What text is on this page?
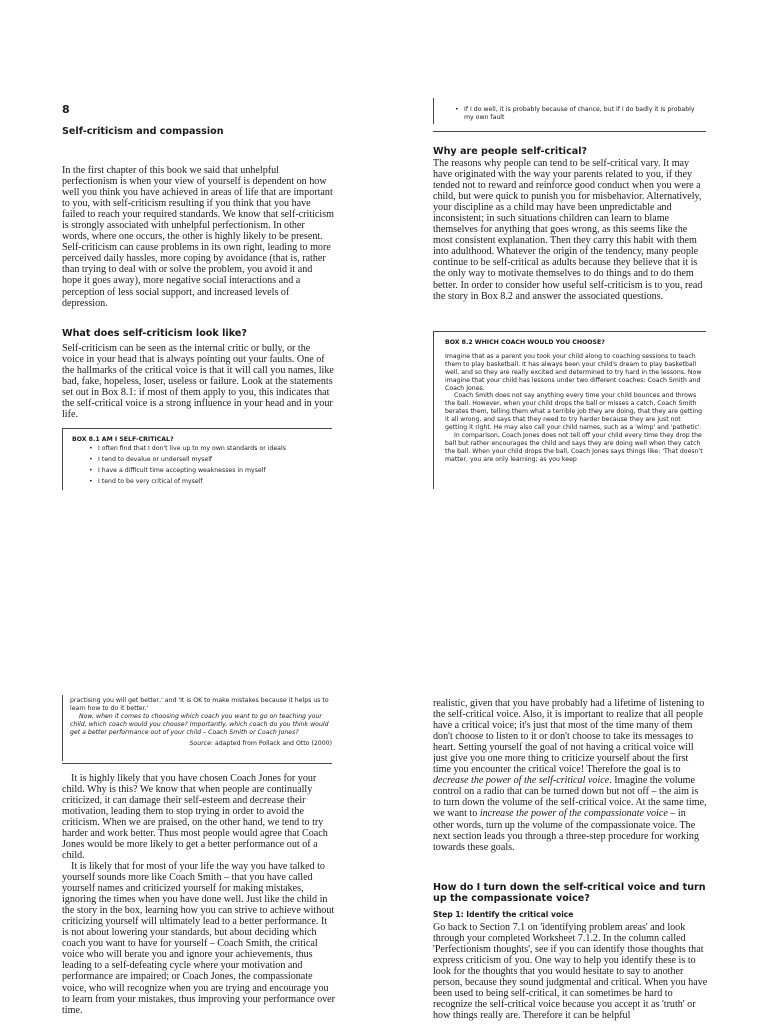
8
Self-criticism and compassion

In the first chapter of this book we said that unhelpful perfectionism is when your view of yourself is dependent on how well you think you have achieved in areas of life that are important to you, with self-criticism resulting if you think that you have failed to reach your required standards. We know that self-criticism is strongly associated with unhelpful perfectionism. In other words, where one occurs, the other is highly likely to be present. Self-criticism can cause problems in its own right, leading to more perceived daily hassles, more coping by avoidance (that is, rather than trying to deal with or solve the problem, you avoid it and hope it goes away), more negative social interactions and a perception of less social support, and increased levels of depression.

What does self-criticism look like?

Self-criticism can be seen as the internal critic or bully, or the voice in your head that is always pointing out your faults. One of the hallmarks of the critical voice is that it will call you names, like bad, fake, hopeless, loser, useless or failure. Look at the statements set out in Box 8.1: if most of them apply to you, this indicates that the self-critical voice is a strong influence in your head and in your life.

BOX 8.1 AM I SELF-CRITICAL?
• I often find that I don't live up to my own standards or ideals
• I tend to devalue or undersell myself
• I have a difficult time accepting weaknesses in myself
• I tend to be very critical of myself
• If I do well, it is probably because of chance, but if I do badly it is probably my own fault
Why are people self-critical?

The reasons why people can tend to be self-critical vary. It may have originated with the way your parents related to you, if they tended not to reward and reinforce good conduct when you were a child, but were quick to punish you for misbehavior. Alternatively, your discipline as a child may have been unpredictable and inconsistent; in such situations children can learn to blame themselves for anything that goes wrong, as this seems like the most consistent explanation. Then they carry this habit with them into adulthood. Whatever the origin of the tendency, many people continue to be self-critical as adults because they believe that it is the only way to motivate themselves to do things and to do them better. In order to consider how useful self-criticism is to you, read the story in Box 8.2 and answer the associated questions.

BOX 8.2 WHICH COACH WOULD YOU CHOOSE?

Imagine that as a parent you took your child along to coaching sessions to teach them to play basketball. It has always been your child's dream to play basketball well, and so they are really excited and determined to try hard in the lessons. Now imagine that your child has lessons under two different coaches: Coach Smith and Coach Jones.

Coach Smith does not say anything every time your child bounces and throws the ball. However, when your child drops the ball or misses a catch, Coach Smith berates them, telling them what a terrible job they are doing, that they are getting it all wrong, and says that they need to try harder because they are just not getting it right. He may also call your child names, such as a 'wimp' and 'pathetic'.

In comparison, Coach Jones does not tell off your child every time they drop the ball but rather encourages the child and says they are doing well when they catch the ball. When your child drops the ball, Coach Jones says things like: 'That doesn't matter, you are only learning; as you keep

practising you will get better,' and 'It is OK to make mistakes because it helps us to learn how to do it better.'

Now, when it comes to choosing which coach you want to go on teaching your child, which coach would you choose? Importantly, which coach do you think would get a better performance out of your child – Coach Smith or Coach Jones?

Source: adapted from Pollack and Otto (2000)

It is highly likely that you have chosen Coach Jones for your child. Why is this? We know that when people are continually criticized, it can damage their self-esteem and decrease their motivation, leading them to stop trying in order to avoid the criticism. When we are praised, on the other hand, we tend to try harder and work better. Thus most people would agree that Coach Jones would be more likely to get a better performance out of a child.

It is likely that for most of your life the way you have talked to yourself sounds more like Coach Smith – that you have called yourself names and criticized yourself for making mistakes, ignoring the times when you have done well. Just like the child in the story in the box, learning how you can strive to achieve without criticizing yourself will ultimately lead to a better performance. It is not about lowering your standards, but about deciding which coach you want to have for yourself – Coach Smith, the critical voice who will berate you and ignore your achievements, thus leading to a self-defeating cycle where your motivation and performance are impaired; or Coach Jones, the compassionate voice, who will recognize when you are trying and encourage you to learn from your mistakes, thus improving your performance over time.

realistic, given that you have probably had a lifetime of listening to the self-critical voice. Also, it is important to realize that all people have a critical voice; it's just that most of the time many of them don't choose to listen to it or don't choose to take its messages to heart. Setting yourself the goal of not having a critical voice will just give you one more thing to criticize yourself about the first time you encounter the critical voice! Therefore the goal is to decrease the power of the self-critical voice. Imagine the volume control on a radio that can be turned down but not off – the aim is to turn down the volume of the self-critical voice. At the same time, we want to increase the power of the compassionate voice – in other words, turn up the volume of the compassionate voice. The next section leads you through a three-step procedure for working towards these goals.

How do I turn down the self-critical voice and turn up the compassionate voice?
Step 1: Identify the critical voice

Go back to Section 7.1 on 'identifying problem areas' and look through your completed Worksheet 7.1.2. In the column called 'Perfectionism thoughts', see if you can identify those thoughts that express criticism of you. One way to help you identify these is to look for the thoughts that you would hesitate to say to another person, because they sound judgmental and critical. When you have been used to being self-critical, it can sometimes be hard to recognize the self-critical voice because you accept it as 'truth' or how things really are. Therefore it can be helpful
